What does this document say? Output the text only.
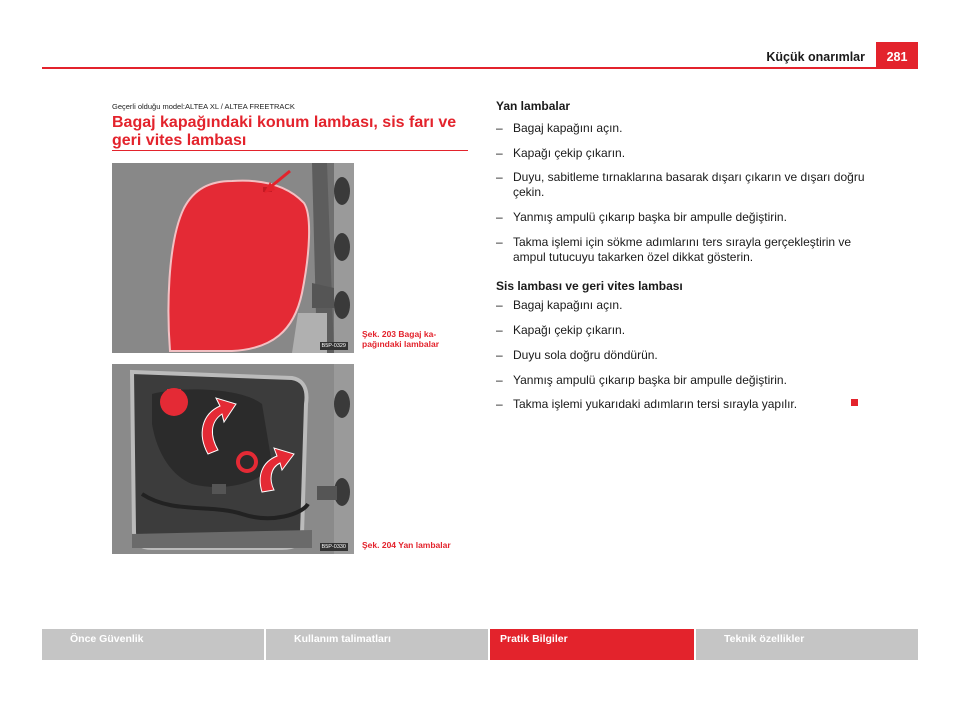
Küçük onarımlar	281
Geçerli olduğu model:ALTEA XL / ALTEA FREETRACK
Bagaj kapağındaki konum lambası, sis farı ve geri vites lambası
B5P-0329
Şek. 203 Bagaj ka-pağındaki lambalar
B5P-0330 Şek. 204 Yan lambalar
Yan lambalar
– Bagaj kapağını açın.
– Kapağı çekip çıkarın.
– Duyu, sabitleme tırnaklarına basarak dışarı çıkarın ve dışarı doğru çekin.
– Yanmış ampulü çıkarıp başka bir ampulle değiştirin.
– Takma işlemi için sökme adımlarını ters sırayla gerçekleştirin ve ampul tutucuyu takarken özel dikkat gösterin.
Sis lambası ve geri vites lambası
– Bagaj kapağını açın.
– Kapağı çekip çıkarın.
– Duyu sola doğru döndürün.
– Yanmış ampulü çıkarıp başka bir ampulle değiştirin.
– Takma işlemi yukarıdaki adımların tersi sırayla yapılır.
Önce Güvenlik	Kullanım talimatları	Pratik Bilgiler	Teknik özellikler
